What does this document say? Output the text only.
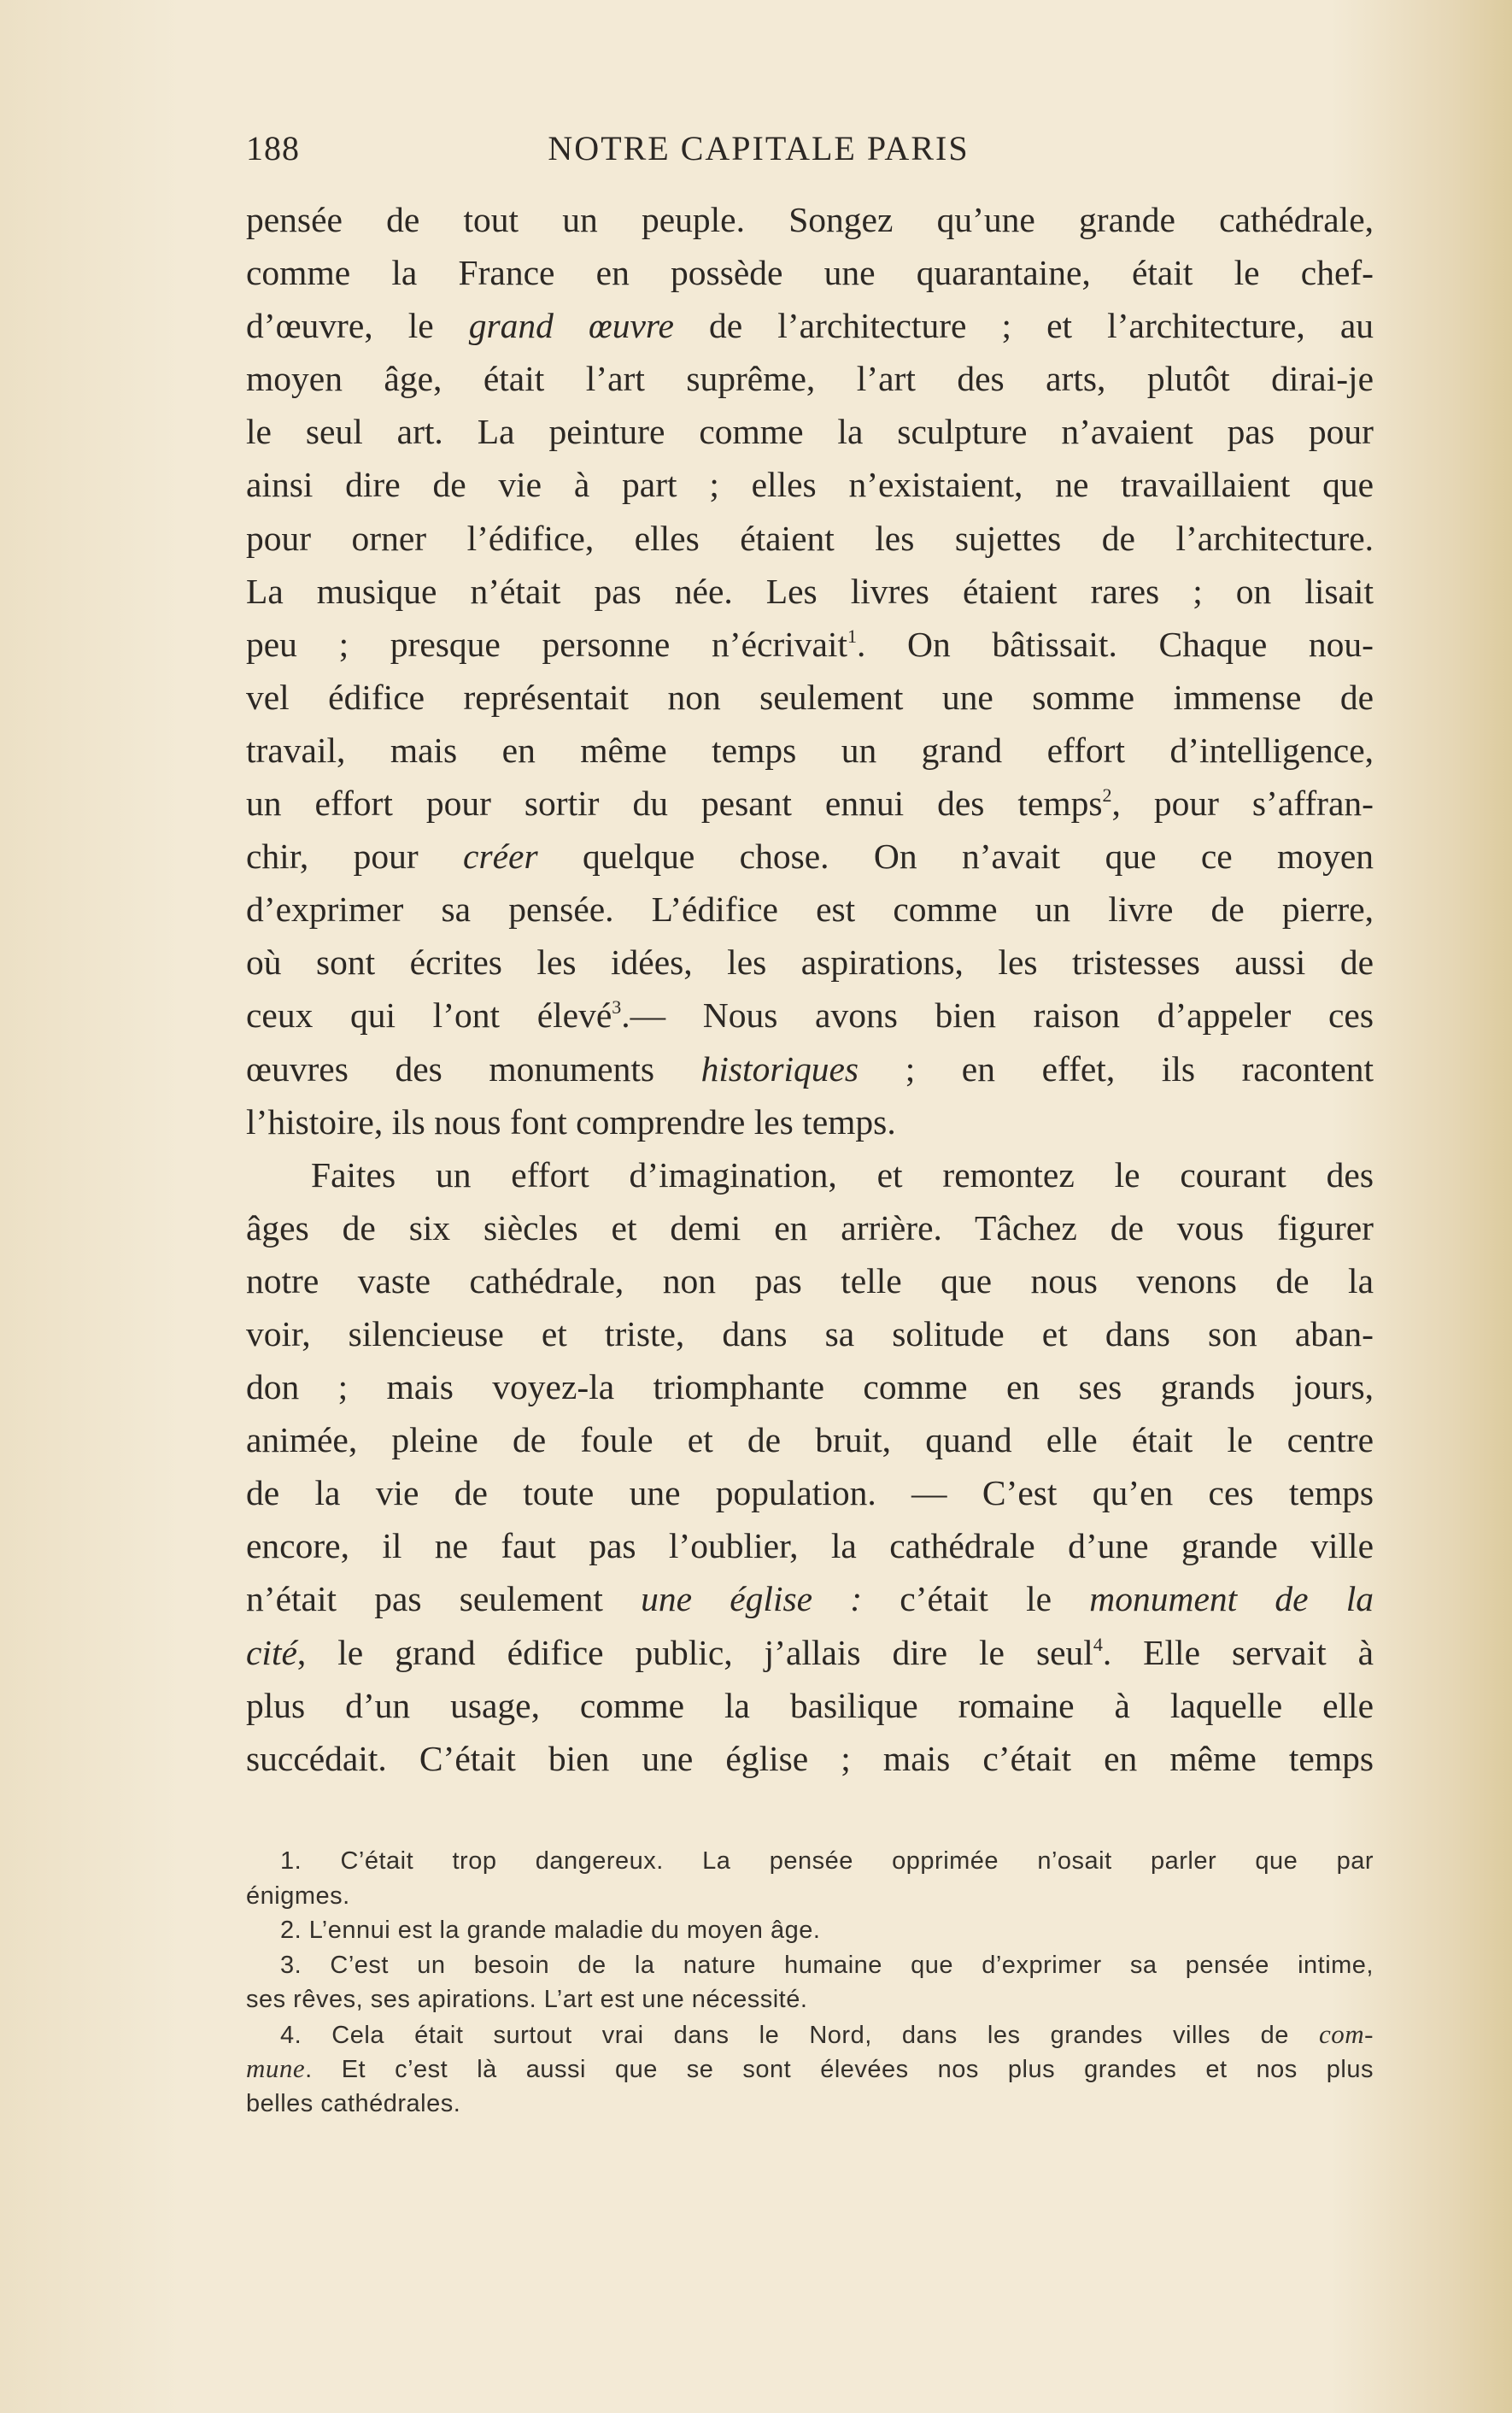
188	NOTRE CAPITALE PARIS
pensée de tout un peuple. Songez qu’une grande cathédrale,
comme la France en possède une quarantaine, était le chef-
d’œuvre, le grand œuvre de l’architecture ; et l’architecture, au
moyen âge, était l’art suprême, l’art des arts, plutôt dirai-je
le seul art. La peinture comme la sculpture n’avaient pas pour
ainsi dire de vie à part ; elles n’existaient, ne travaillaient que
pour orner l’édifice, elles étaient les sujettes de l’architecture.
La musique n’était pas née. Les livres étaient rares ; on lisait
peu ; presque personne n’écrivait$^1$. On bâtissait. Chaque nou-
vel édifice représentait non seulement une somme immense de
travail, mais en même temps un grand effort d’intelligence,
un effort pour sortir du pesant ennui des temps$^2$, pour s’affran-
chir, pour créer quelque chose. On n’avait que ce moyen
d’exprimer sa pensée. L’édifice est comme un livre de pierre,
où sont écrites les idées, les aspirations, les tristesses aussi de
ceux qui l’ont élevé$^3$.— Nous avons bien raison d’appeler ces
œuvres des monuments historiques ; en effet, ils racontent
l’histoire, ils nous font comprendre les temps.
Faites un effort d’imagination, et remontez le courant des
âges de six siècles et demi en arrière. Tâchez de vous figurer
notre vaste cathédrale, non pas telle que nous venons de la
voir, silencieuse et triste, dans sa solitude et dans son aban-
don ; mais voyez-la triomphante comme en ses grands jours,
animée, pleine de foule et de bruit, quand elle était le centre
de la vie de toute une population. — C’est qu’en ces temps
encore, il ne faut pas l’oublier, la cathédrale d’une grande ville
n’était pas seulement une église : c’était le monument de la
cité, le grand édifice public, j’allais dire le seul$^4$. Elle servait à
plus d’un usage, comme la basilique romaine à laquelle elle
succédait. C’était bien une église ; mais c’était en même temps
1. C’était trop dangereux. La pensée opprimée n’osait parler que par
énigmes.
2. L’ennui est la grande maladie du moyen âge.
3. C’est un besoin de la nature humaine que d’exprimer sa pensée intime,
ses rêves, ses apirations. L’art est une nécessité.
4. Cela était surtout vrai dans le Nord, dans les grandes villes de com-
mune. Et c’est là aussi que se sont élevées nos plus grandes et nos plus
belles cathédrales.
